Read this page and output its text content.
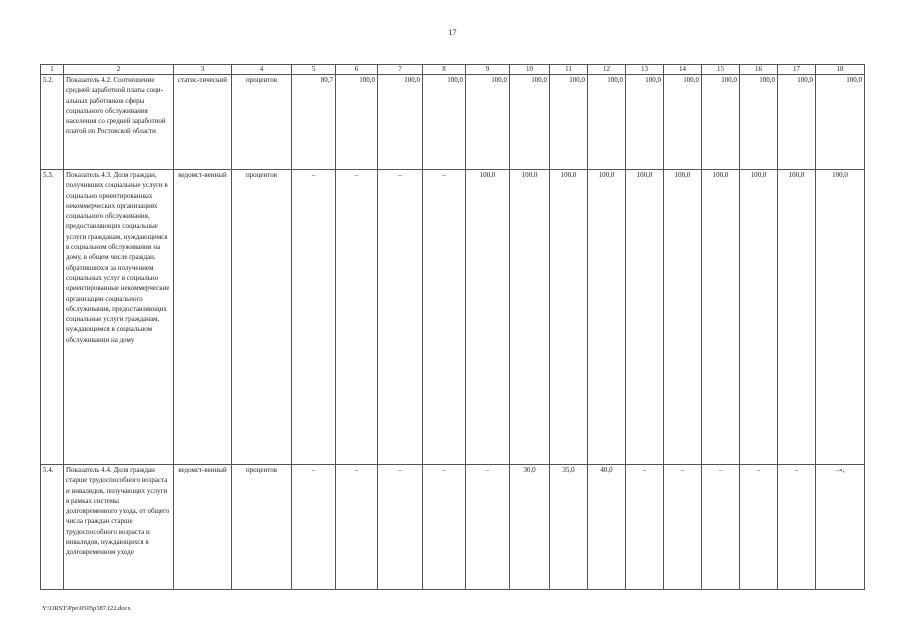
17
1	2	3	4	5	6	7	8	9	10	11	12	13	14	15	16	17	18
5.2.	Показатель 4.2. Соотношение средней заработной платы соци-альных работников сферы социального обслуживания населения со средней заработной платой по Ростовской области	статис-тический	процентов	80,7	100,0	100,0	100,0	100,0	100,0	100,0	100,0	100,0	100,0	100,0	100,0	100,0	100,0
5.3.	Показатель 4.3. Доля граждан, получивших социальные услуги в социально ориентированных некоммерческих организациях социального обслуживания, предоставляющих социальные услуги гражданам, нуждающимся в социальном обслуживании на дому, в общем числе граждан, обратившихся за получением социальных услуг в социально ориентированные некоммерческие организации социального обслуживания, предоставляющих социальные услуги гражданам, нуждающимся в социальном обслуживании на дому	ведомст-венный	процентов	–	–	–	–	100,0	100,0	100,0	100,0	100,0	100,0	100,0	100,0	100,0	100,0
5.4.	Показатель 4.4. Доля граждан старше трудоспособного возраста и инвалидов, получающих услуги в рамках системы долговременного ухода, от общего числа граждан старше трудоспособного возраста и инвалидов, нуждающихся в долговременном уходе	ведомст-венный	процентов	–	–	–	–	–	30,0	35,0	40,0	–	–	–	–	–	–»,
Y:\ORST\Ppo\0505p387.f22.docx
